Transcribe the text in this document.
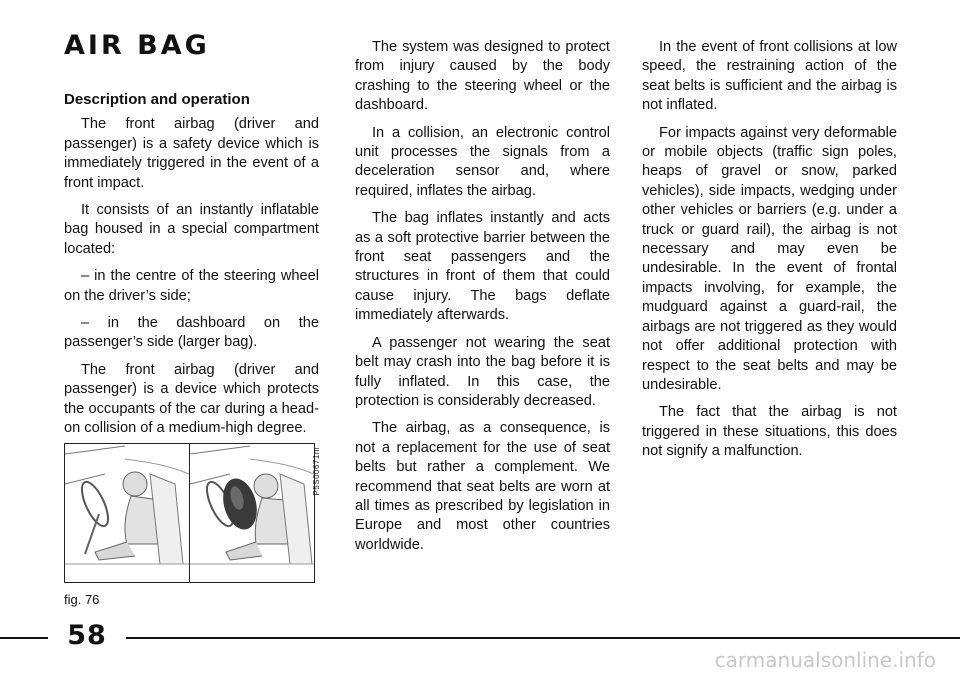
AIR BAG

Description and operation

The front airbag (driver and passenger) is a safety device which is immediately triggered in the event of a front impact.

It consists of an instantly inflatable bag housed in a special compartment located:

– in the centre of the steering wheel on the driver’s side;

– in the dashboard on the passenger’s side (larger bag).

The front airbag (driver and passenger) is a device which protects the occupants of the car during a head-on collision of a medium-high degree.

P5S00671m
fig. 76

The system was designed to protect from injury caused by the body crashing to the steering wheel or the dashboard.

In a collision, an electronic control unit processes the signals from a deceleration sensor and, where required, inflates the airbag.

The bag inflates instantly and acts as a soft protective barrier between the front seat passengers and the structures in front of them that could cause injury. The bags deflate immediately afterwards.

A passenger not wearing the seat belt may crash into the bag before it is fully inflated. In this case, the protection is considerably decreased.

The airbag, as a consequence, is not a replacement for the use of seat belts but rather a complement. We recommend that seat belts are worn at all times as prescribed by legislation in Europe and most other countries worldwide.

In the event of front collisions at low speed, the restraining action of the seat belts is sufficient and the airbag is not inflated.

For impacts against very deformable or mobile objects (traffic sign poles, heaps of gravel or snow, parked vehicles), side impacts, wedging under other vehicles or barriers (e.g. under a truck or guard rail), the airbag is not necessary and may even be undesirable. In the event of frontal impacts involving, for example, the mudguard against a guard-rail, the airbags are not triggered as they would not offer additional protection with respect to the seat belts and may be undesirable.

The fact that the airbag is not triggered in these situations, this does not signify a malfunction.

58
carmanualsonline.info
